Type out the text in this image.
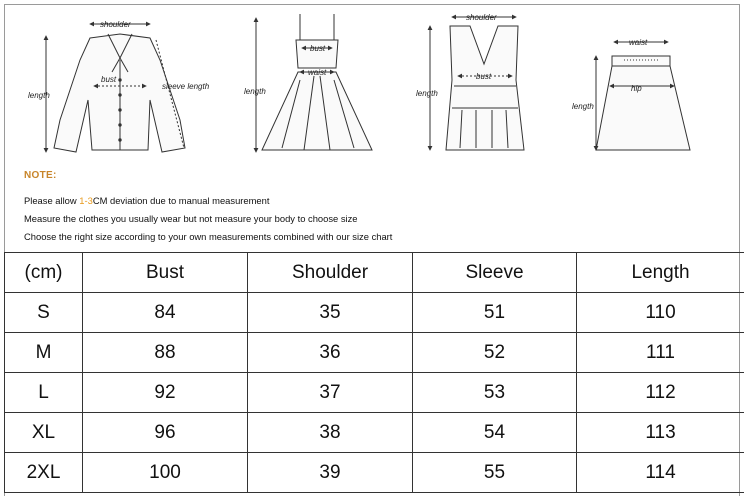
shoulder
bust
sleeve length
length
bust
waist
length
shoulder
bust
length
waist
hip
length
NOTE:
Please allow 1-3CM deviation due to manual measurement
Measure the clothes you usually wear but not measure your body to choose size
Choose the right size according to your own measurements combined with our size chart
(cm)	Bust	Shoulder	Sleeve	Length
S	84	35	51	110
M	88	36	52	111
L	92	37	53	112
XL	96	38	54	113
2XL	100	39	55	114
